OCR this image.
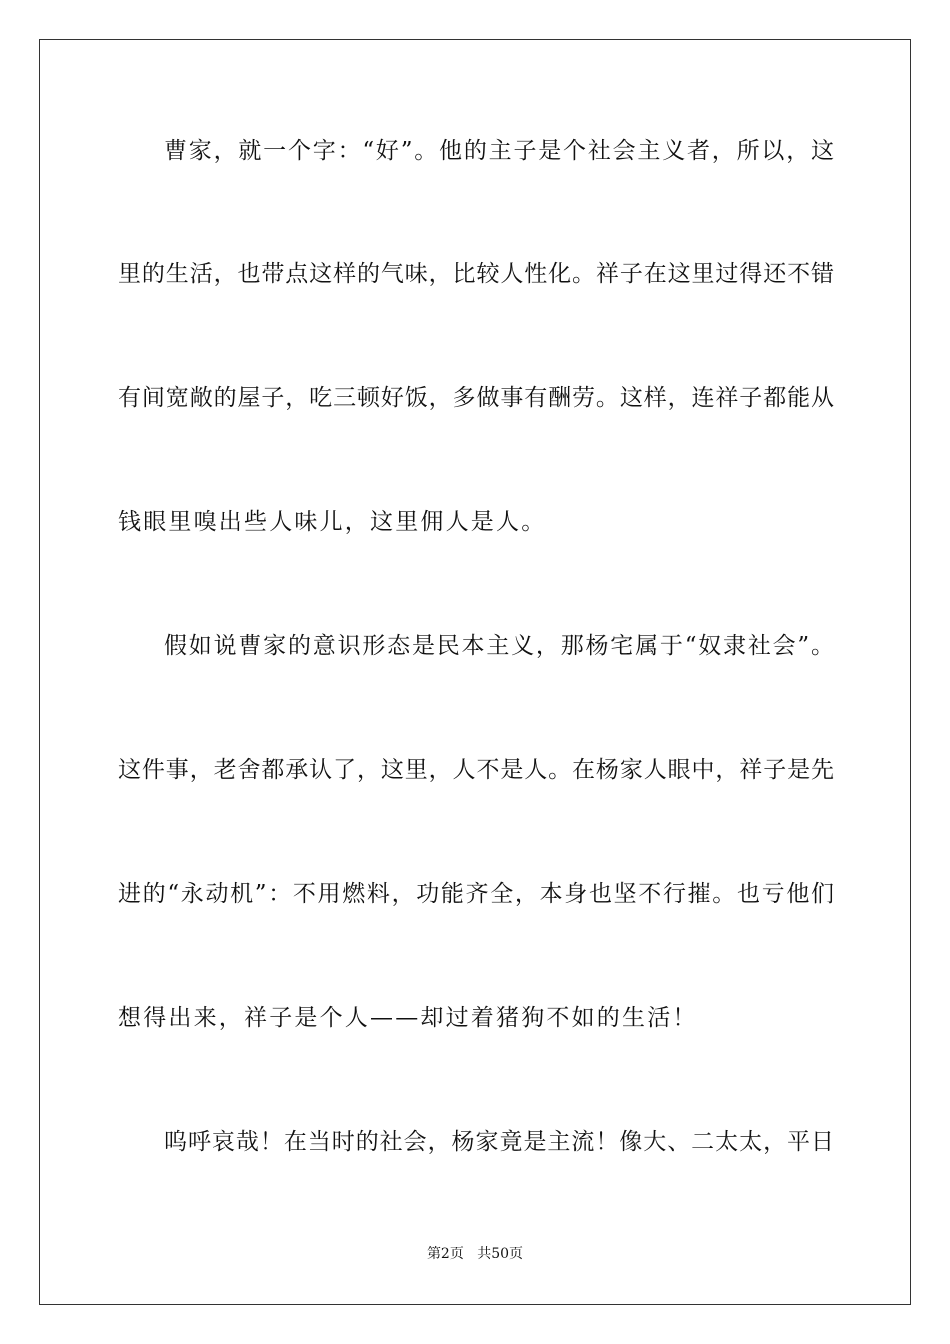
曹家，就一个字：“好”。他的主子是个社会主义者，所以，这
里的生活，也带点这样的气味，比较人性化。祥子在这里过得还不错
有间宽敞的屋子，吃三顿好饭，多做事有酬劳。这样，连祥子都能从
钱眼里嗅出些人味儿，这里佣人是人。
假如说曹家的意识形态是民本主义，那杨宅属于“奴隶社会”。
这件事，老舍都承认了，这里，人不是人。在杨家人眼中，祥子是先
进的“永动机”：不用燃料，功能齐全，本身也坚不行摧。也亏他们
想得出来，祥子是个人——却过着猪狗不如的生活！
呜呼哀哉！在当时的社会，杨家竟是主流！像大、二太太，平日
第2页 共50页
